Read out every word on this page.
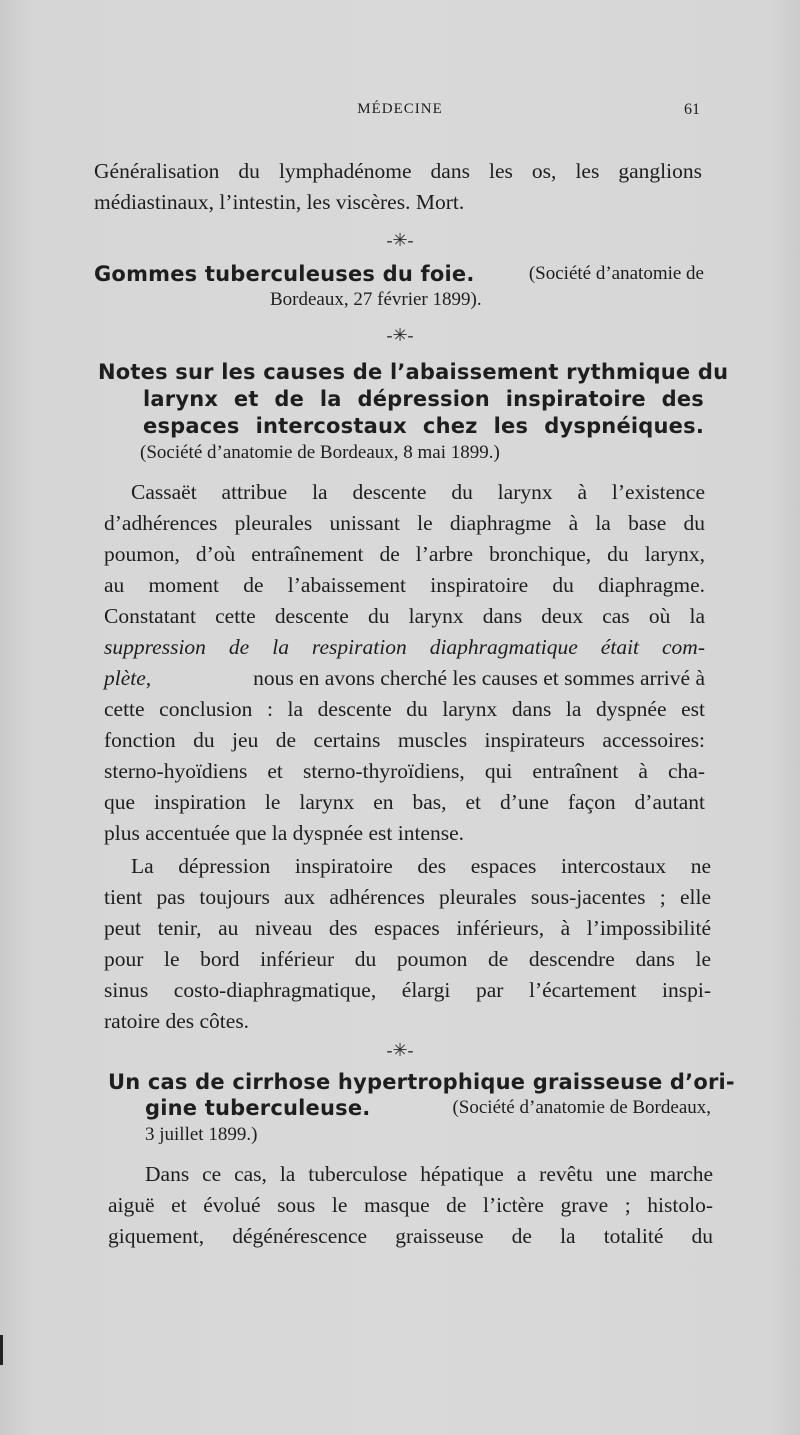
MÉDECINE	61
Généralisation du lymphadénome dans les os, les ganglions
médiastinaux, l’intestin, les viscères. Mort.
-✳-
Gommes tuberculeuses du foie.	(Société d’anatomie de
Bordeaux, 27 février 1899).
-✳-
Notes sur les causes de l’abaissement rythmique du
larynx et de la dépression inspiratoire des
espaces intercostaux chez les dyspnéiques.
(Société d’anatomie de Bordeaux, 8 mai 1899.)
Cassaët attribue la descente du larynx à l’existence
d’adhérences pleurales unissant le diaphragme à la base du
poumon, d’où entraînement de l’arbre bronchique, du larynx,
au moment de l’abaissement inspiratoire du diaphragme.
Constatant cette descente du larynx dans deux cas où la
suppression de la respiration diaphragmatique était com-
plète,	nous en avons cherché les causes et sommes arrivé à
cette conclusion : la descente du larynx dans la dyspnée est
fonction du jeu de certains muscles inspirateurs accessoires:
sterno-hyoïdiens et sterno-thyroïdiens, qui entraînent à cha-
que inspiration le larynx en bas, et d’une façon d’autant
plus accentuée que la dyspnée est intense.
La dépression inspiratoire des espaces intercostaux ne
tient pas toujours aux adhérences pleurales sous-jacentes ; elle
peut tenir, au niveau des espaces inférieurs, à l’impossibilité
pour le bord inférieur du poumon de descendre dans le
sinus costo-diaphragmatique, élargi par l’écartement inspi-
ratoire des côtes.
-✳-
Un cas de cirrhose hypertrophique graisseuse d’ori-
gine tuberculeuse.	(Société d’anatomie de Bordeaux,
3 juillet 1899.)
Dans ce cas, la tuberculose hépatique a revêtu une marche
aiguë et évolué sous le masque de l’ictère grave ; histolo-
giquement, dégénérescence graisseuse de la totalité du
